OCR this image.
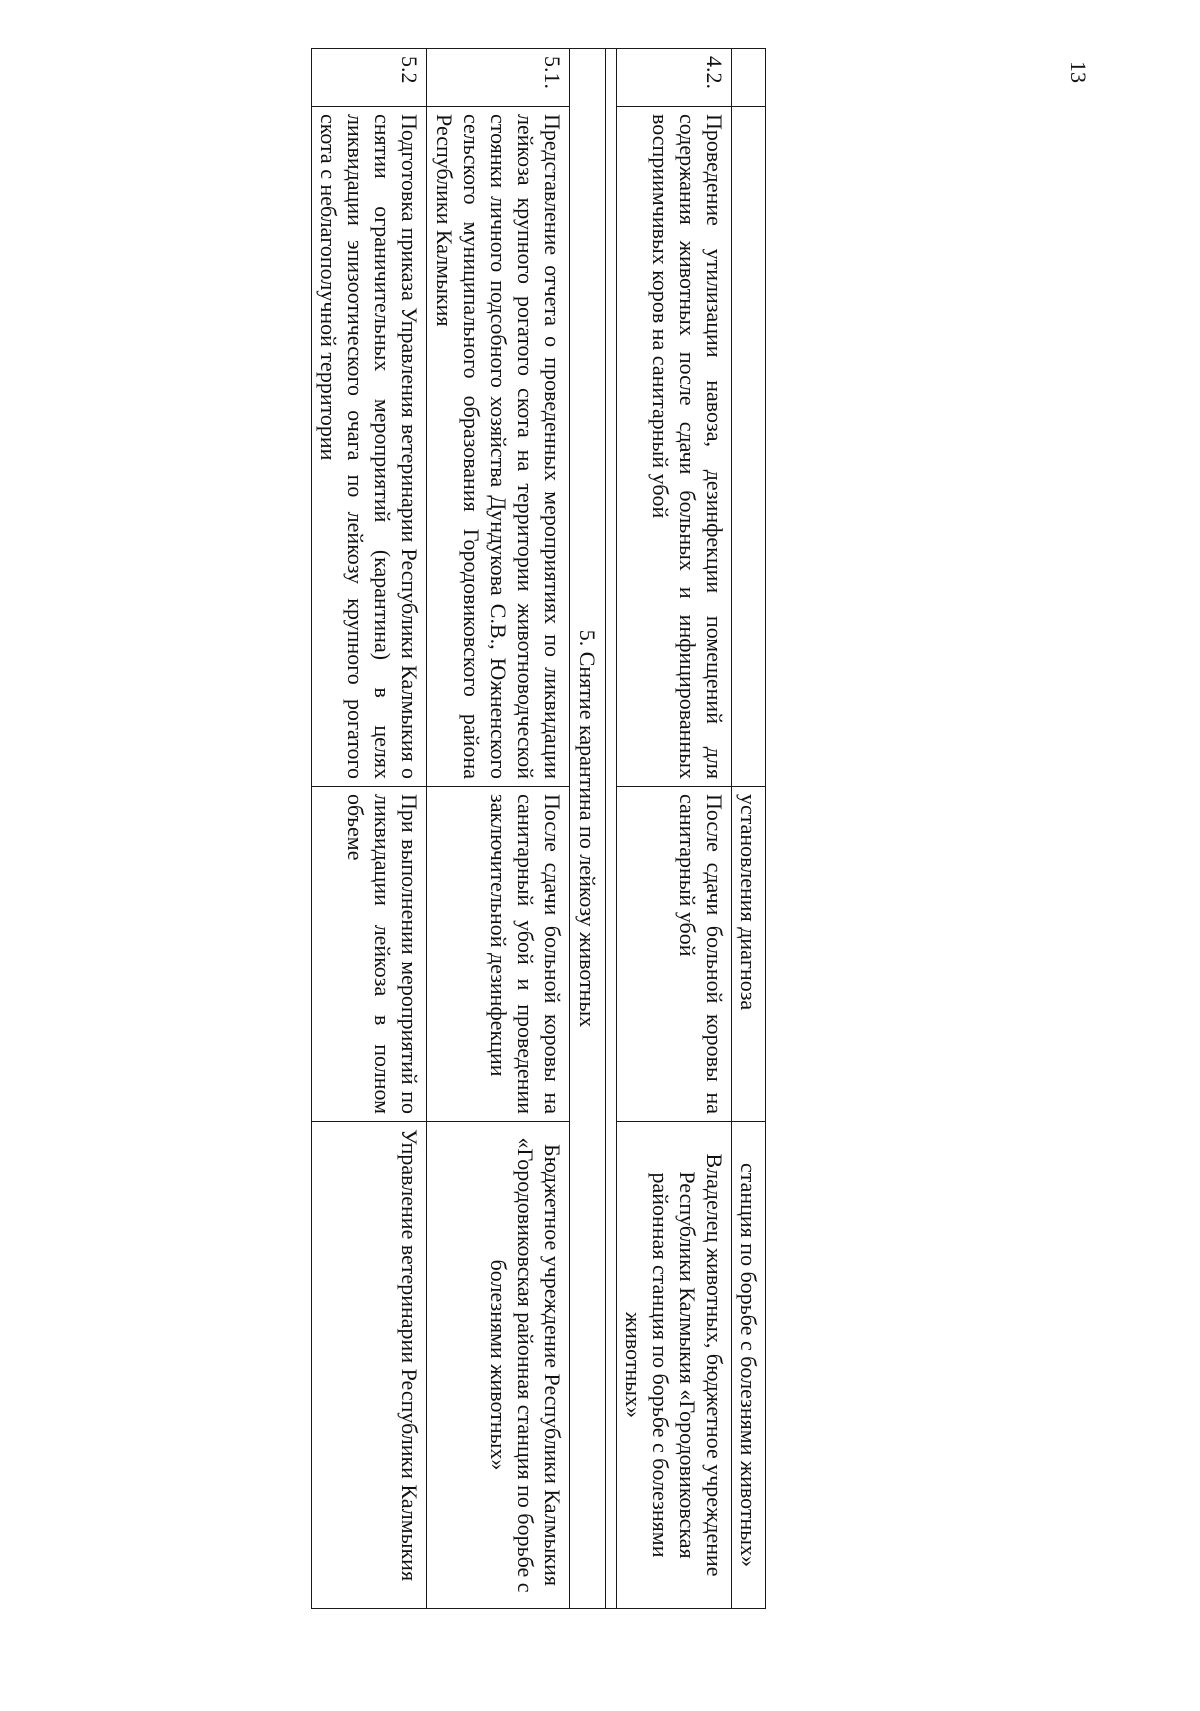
13
		установления диагноза	станция по борьбе с болезнями животных»
4.2.	Проведение утилизации навоза, дезинфекции помещений для содержания животных после сдачи больных и инфицированных восприимчивых коров на санитарный убой	После сдачи больной коровы на санитарный убой	Владелец животных, бюджетное учреждение Республики Калмыкия «Городовиковская районная станция по борьбе с болезнями животных»

5. Снятие карантина по лейкозу животных			
5.1.	Представление отчета о проведенных мероприятиях по ликвидации лейкоза крупного рогатого скота на территории животноводческой стоянки личного подсобного хозяйства Дундукова С.В., Южненского сельского муниципального образования Городовиковского района Республики Калмыкия	После сдачи больной коровы на санитарный убой и проведении заключительной дезинфекции	Бюджетное учреждение Республики Калмыкия «Городовиковская районная станция по борьбе с болезнями животных»
5.2	Подготовка приказа Управления ветеринарии Республики Калмыкия о снятии ограничительных мероприятий (карантина) в целях ликвидации эпизоотического очага по лейкозу крупного рогатого скота с неблагополучной территории	При выполнении мероприятий по ликвидации лейкоза в полном объеме	Управление ветеринарии Республики Калмыкия
